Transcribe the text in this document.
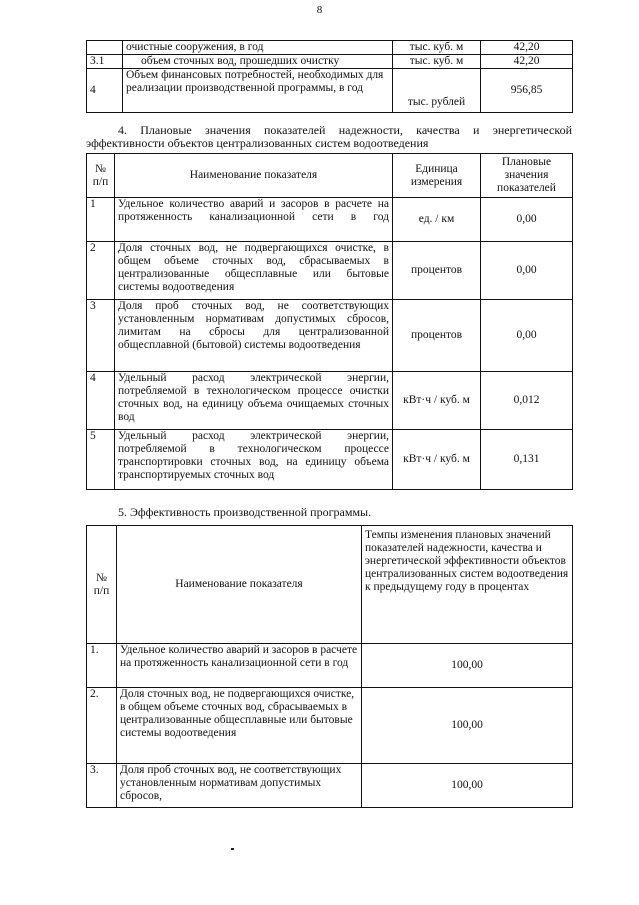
8
	очистные сооружения, в год	тыс. куб. м	42,20
3.1	объем сточных вод, прошедших очистку	тыс. куб. м	42,20
4	Объем финансовых потребностей, необходимых для реализации производственной программы, в год	тыс. рублей	956,85
4. Плановые значения показателей надежности, качества и энергетической
эффективности объектов централизованных систем водоотведения
№ п/п	Наименование показателя	Единица измерения	Плановые значения показателей
1	Удельное количество аварий и засоров в расчете на протяженность канализационной сети в год	ед. / км	0,00
2	Доля сточных вод, не подвергающихся очистке, в общем объеме сточных вод, сбрасываемых в централизованные общесплавные или бытовые системы водоотведения	процентов	0,00
3	Доля проб сточных вод, не соответствующих установленным нормативам допустимых сбросов, лимитам на сбросы для централизованной общесплавной (бытовой) системы водоотведения	процентов	0,00
4	Удельный расход электрической энергии, потребляемой в технологическом процессе очистки сточных вод, на единицу объема очищаемых сточных вод	кВт·ч / куб. м	0,012
5	Удельный расход электрической энергии, потребляемой в технологическом процессе транспортировки сточных вод, на единицу объема транспортируемых сточных вод	кВт·ч / куб. м	0,131
5. Эффективность производственной программы.
№ п/п	Наименование показателя	Темпы изменения плановых значений показателей надежности, качества и энергетической эффективности объектов централизованных систем водоотведения к предыдущему году в процентах
1.	Удельное количество аварий и засоров в расчете на протяженность канализационной сети в год	100,00
2.	Доля сточных вод, не подвергающихся очистке, в общем объеме сточных вод, сбрасываемых в централизованные общесплавные или бытовые системы водоотведения	100,00
3.	Доля проб сточных вод, не соответствующих установленным нормативам допустимых сбросов,	100,00
